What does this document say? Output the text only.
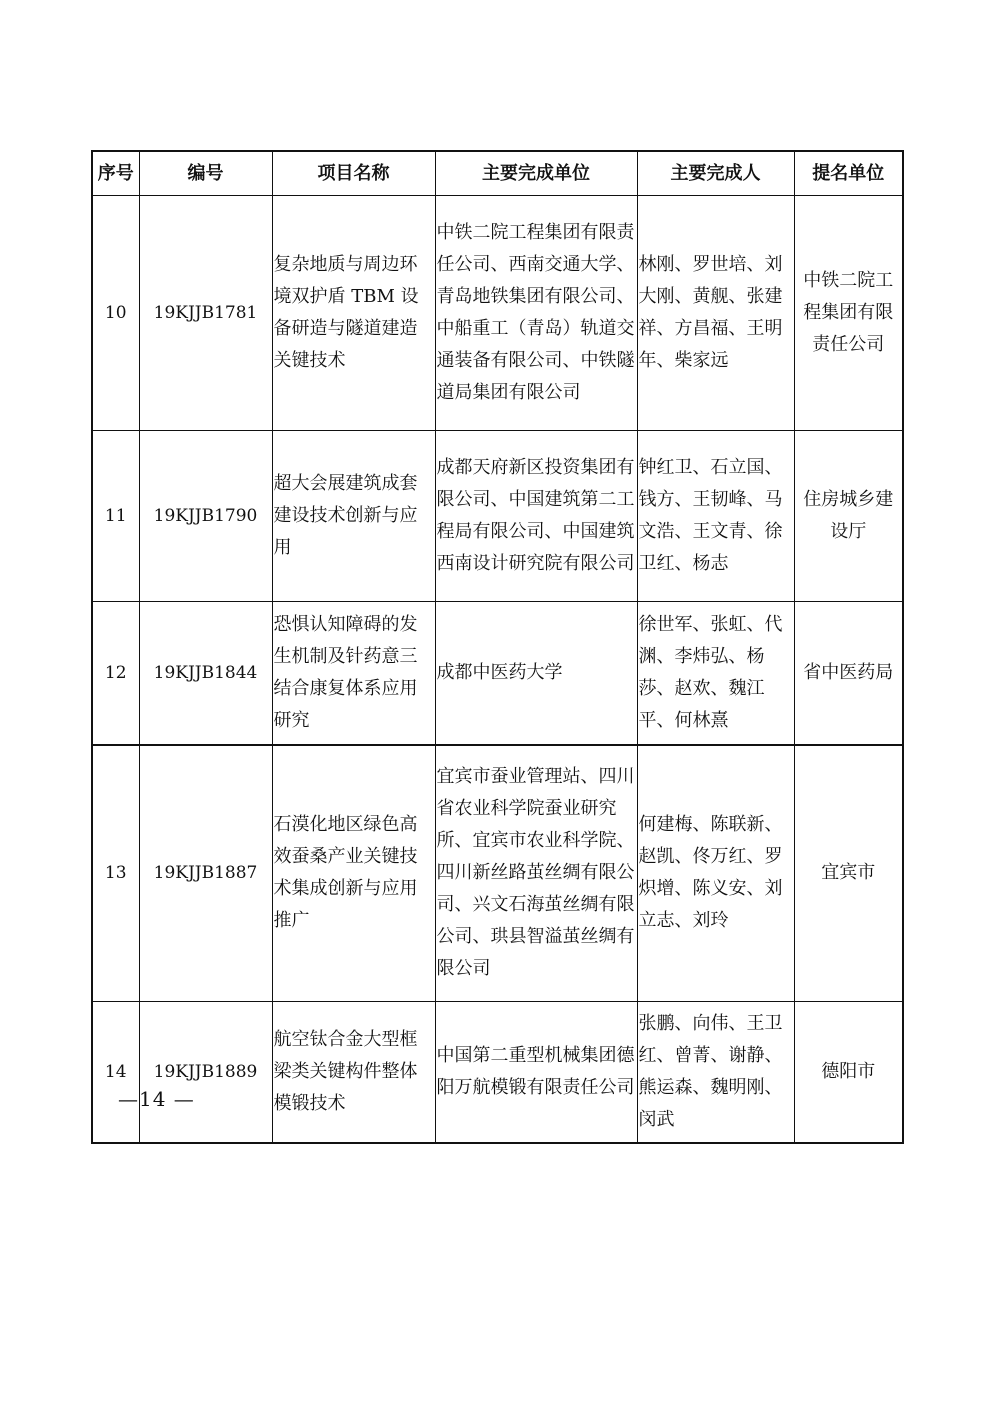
序号	编号	项目名称	主要完成单位	主要完成人	提名单位
10	19KJJB1781	复杂地质与周边环境双护盾 TBM 设备研造与隧道建造关键技术	中铁二院工程集团有限责任公司、西南交通大学、青岛地铁集团有限公司、中船重工（青岛）轨道交通装备有限公司、中铁隧道局集团有限公司	林刚、罗世培、刘大刚、黄舰、张建祥、方昌福、王明年、柴家远	中铁二院工程集团有限责任公司
11	19KJJB1790	超大会展建筑成套建设技术创新与应用	成都天府新区投资集团有限公司、中国建筑第二工程局有限公司、中国建筑西南设计研究院有限公司	钟红卫、石立国、钱方、王韧峰、马文浩、王文青、徐卫红、杨志	住房城乡建设厅
12	19KJJB1844	恐惧认知障碍的发生机制及针药意三结合康复体系应用研究	成都中医药大学	徐世军、张虹、代渊、李炜弘、杨莎、赵欢、魏江平、何林熹	省中医药局
13	19KJJB1887	石漠化地区绿色高效蚕桑产业关键技术集成创新与应用推广	宜宾市蚕业管理站、四川省农业科学院蚕业研究所、宜宾市农业科学院、四川新丝路茧丝绸有限公司、兴文石海茧丝绸有限公司、珙县智溢茧丝绸有限公司	何建梅、陈联新、赵凯、佟万红、罗炽增、陈义安、刘立志、刘玲	宜宾市
14	19KJJB1889	航空钛合金大型框梁类关键构件整体模锻技术	中国第二重型机械集团德阳万航模锻有限责任公司	张鹏、向伟、王卫红、曾菁、谢静、熊运森、魏明刚、闵武	德阳市
—14 —
